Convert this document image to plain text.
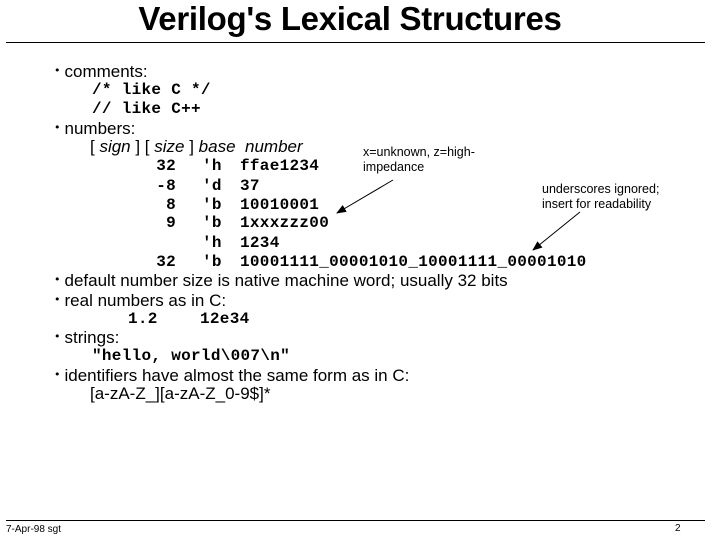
Verilog's Lexical Structures
• comments:
/* like C */
// like C++
• numbers:
[ sign ] [ size ] base number
32 'h ffae1234
-8 'd 37
8 'b 10010001
9 'b 1xxxzzz00
'h 1234
32 'b 10001111_00001010_10001111_00001010
x=unknown, z=high-
impedance
underscores ignored;
insert for readability
• default number size is native machine word; usually 32 bits
• real numbers as in C:
1.2	12e34
• strings:
"hello, world\007\n"
• identifiers have almost the same form as in C:
[a-zA-Z_][a-zA-Z_0-9$]*
7-Apr-98 sgt	2
